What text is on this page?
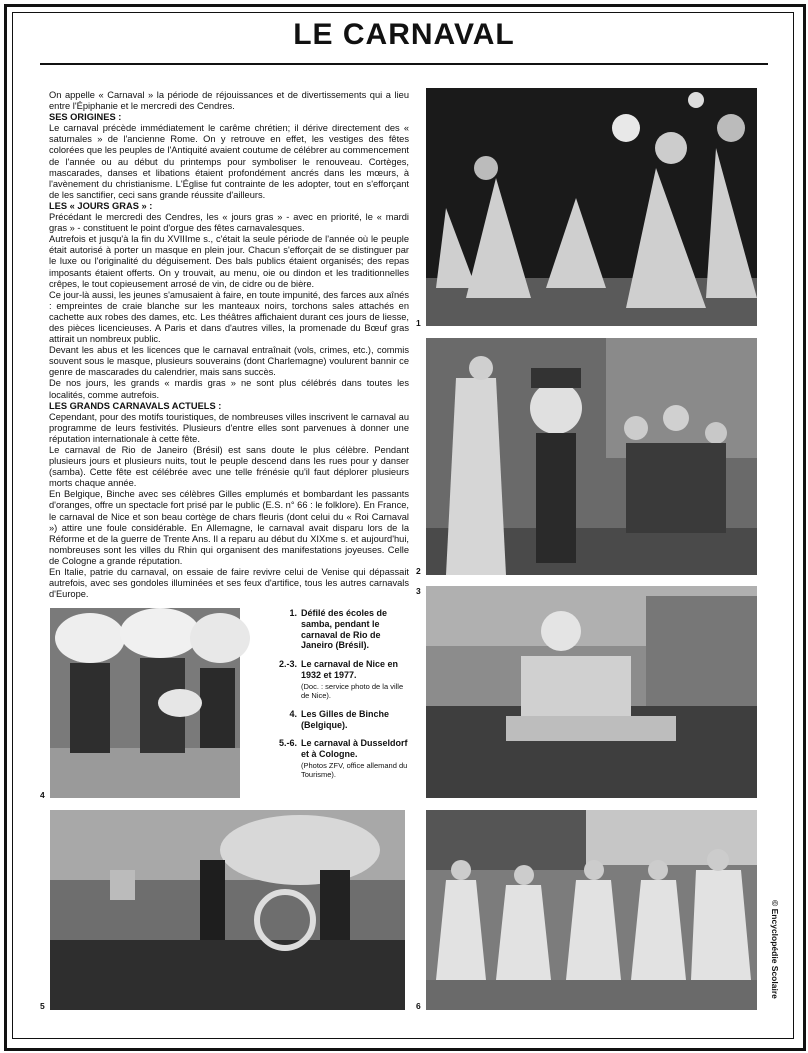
LE CARNAVAL

On appelle « Carnaval » la période de réjouissances et de divertissements qui a lieu entre l'Épiphanie et le mercredi des Cendres.

SES ORIGINES :

Le carnaval précède immédiatement le carême chrétien; il dérive directement des « saturnales » de l'ancienne Rome. On y retrouve en effet, les vestiges des fêtes colorées que les peuples de l'Antiquité avaient coutume de célébrer au commencement de l'année ou au début du printemps pour symboliser le renouveau. Cortèges, mascarades, danses et libations étaient profondément ancrés dans les mœurs, à l'avènement du christianisme. L'Église fut contrainte de les adopter, tout en s'efforçant de les sanctifier, ceci sans grande réussite d'ailleurs.

LES « JOURS GRAS » :

Précédant le mercredi des Cendres, les « jours gras » - avec en priorité, le « mardi gras » - constituent le point d'orgue des fêtes carnavalesques.

Autrefois et jusqu'à la fin du XVIIIme s., c'était la seule période de l'année où le peuple était autorisé à porter un masque en plein jour. Chacun s'efforçait de se distinguer par le luxe ou l'originalité du déguisement. Des bals publics étaient organisés; des repas imposants étaient offerts. On y trouvait, au menu, oie ou dindon et les traditionnelles crêpes, le tout copieusement arrosé de vin, de cidre ou de bière.

Ce jour-là aussi, les jeunes s'amusaient à faire, en toute impunité, des farces aux aînés : empreintes de craie blanche sur les manteaux noirs, torchons sales attachés en cachette aux robes des dames, etc. Les théâtres affichaient durant ces jours de liesse, des pièces licencieuses. A Paris et dans d'autres villes, la promenade du Bœuf gras attirait un nombreux public.

Devant les abus et les licences que le carnaval entraînait (vols, crimes, etc.), commis souvent sous le masque, plusieurs souverains (dont Charlemagne) voulurent bannir ce genre de mascarades du calendrier, mais sans succès.

De nos jours, les grands « mardis gras » ne sont plus célébrés dans toutes les localités, comme autrefois.

LES GRANDS CARNAVALS ACTUELS :

Cependant, pour des motifs touristiques, de nombreuses villes inscrivent le carnaval au programme de leurs festivités. Plusieurs d'entre elles sont parvenues à donner une réputation internationale à cette fête.

Le carnaval de Rio de Janeiro (Brésil) est sans doute le plus célèbre. Pendant plusieurs jours et plusieurs nuits, tout le peuple descend dans les rues pour y danser (samba). Cette fête est célébrée avec une telle frénésie qu'il faut déplorer plusieurs morts chaque année.

En Belgique, Binche avec ses célèbres Gilles emplumés et bombardant les passants d'oranges, offre un spectacle fort prisé par le public (E.S. n° 66 : le folklore). En France, le carnaval de Nice et son beau cortège de chars fleuris (dont celui du « Roi Carnaval ») attire une foule considérable. En Allemagne, le carnaval avait disparu lors de la Réforme et de la guerre de Trente Ans. Il a reparu au début du XIXme s. et aujourd'hui, nombreuses sont les villes du Rhin qui organisent des manifestations joyeuses. Celle de Cologne a grande réputation.

En Italie, patrie du carnaval, on essaie de faire revivre celui de Venise qui dépassait autrefois, avec ses gondoles illuminées et ses feux d'artifice, tous les autres carnavals d'Europe.

1
2
3
4
1. Défilé des écoles de samba, pendant le carnaval de Rio de Janeiro (Brésil).
2.-3. Le carnaval de Nice en 1932 et 1977.
(Doc. : service photo de la ville de Nice).
4. Les Gilles de Binche (Belgique).
5.-6. Le carnaval à Dusseldorf et à Cologne.
(Photos ZFV, office allemand du Tourisme).
5	6
© Encyclopédie Scolaire
